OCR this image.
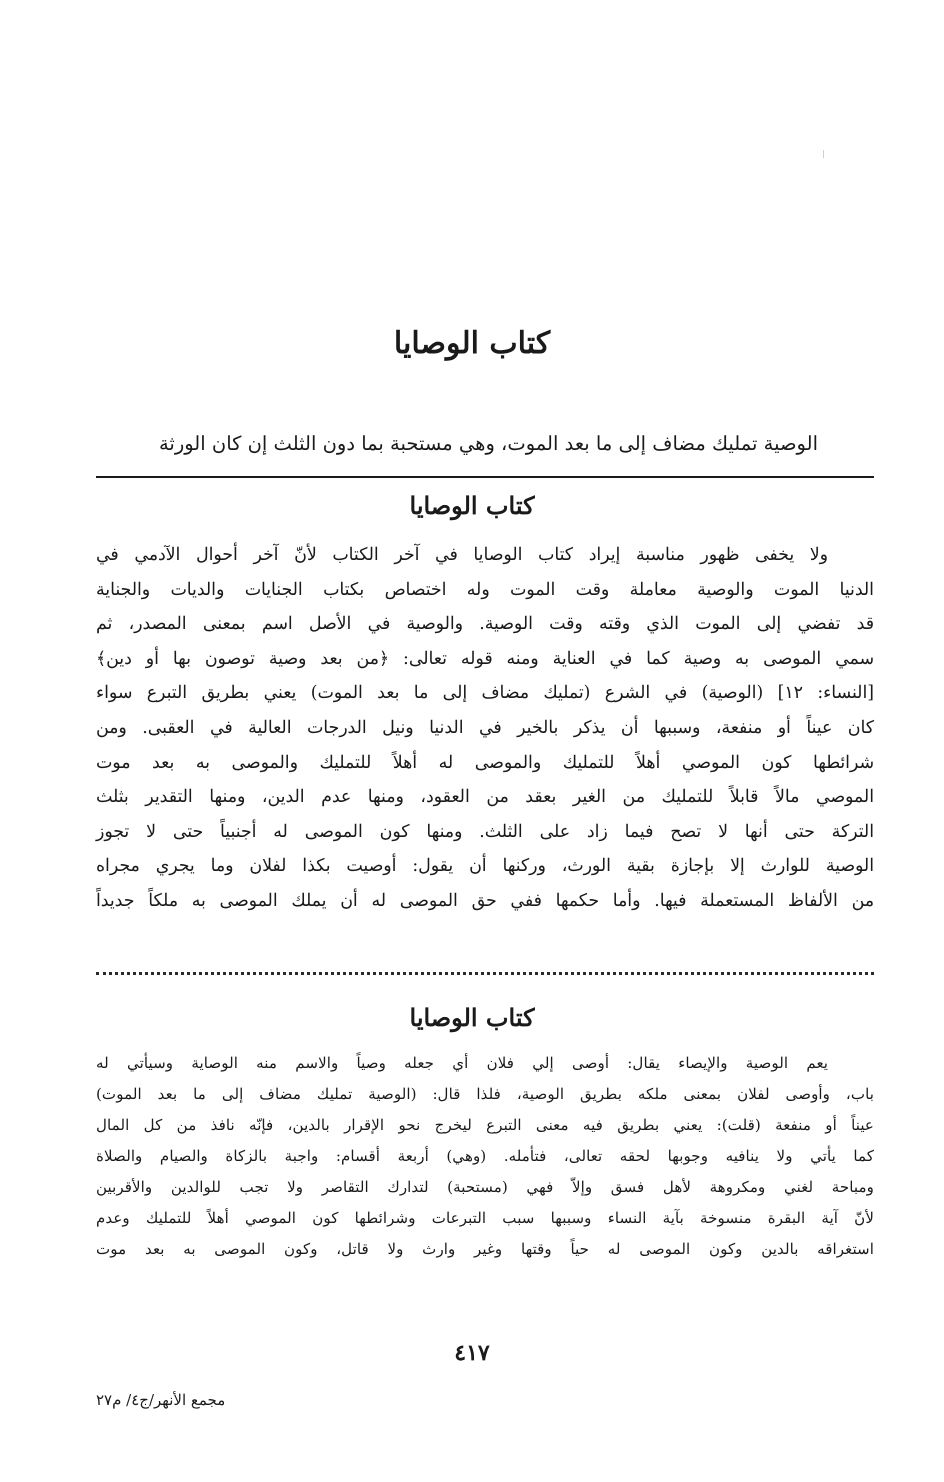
كتاب الوصايا

الوصية تمليك مضاف إلى ما بعد الموت، وهي مستحبة بما دون الثلث إن كان الورثة

كتاب الوصايا
ولا يخفى ظهور مناسبة إيراد كتاب الوصايا في آخر الكتاب لأنّ آخر أحوال الآدمي في
الدنيا الموت والوصية معاملة وقت الموت وله اختصاص بكتاب الجنايات والديات والجناية
قد تفضي إلى الموت الذي وقته وقت الوصية. والوصية في الأصل اسم بمعنى المصدر، ثم
سمي الموصى به وصية كما في العناية ومنه قوله تعالى: ﴿من بعد وصية توصون بها أو دين﴾
[النساء: ١٢] (الوصية) في الشرع (تمليك مضاف إلى ما بعد الموت) يعني بطريق التبرع سواء
كان عيناً أو منفعة، وسببها أن يذكر بالخير في الدنيا ونيل الدرجات العالية في العقبى. ومن
شرائطها كون الموصي أهلاً للتمليك والموصى له أهلاً للتمليك والموصى به بعد موت
الموصي مالاً قابلاً للتمليك من الغير بعقد من العقود، ومنها عدم الدين، ومنها التقدير بثلث
التركة حتى أنها لا تصح فيما زاد على الثلث. ومنها كون الموصى له أجنبياً حتى لا تجوز
الوصية للوارث إلا بإجازة بقية الورث، وركنها أن يقول: أوصيت بكذا لفلان وما يجري مجراه
من الألفاظ المستعملة فيها. وأما حكمها ففي حق الموصى له أن يملك الموصى به ملكاً جديداً
كتاب الوصايا
يعم الوصية والإيصاء يقال: أوصى إلي فلان أي جعله وصياً والاسم منه الوصاية وسيأتي له
باب، وأوصى لفلان بمعنى ملكه بطريق الوصية، فلذا قال: (الوصية تمليك مضاف إلى ما بعد الموت)
عيناً أو منفعة (قلت): يعني بطريق فيه معنى التبرع ليخرج نحو الإقرار بالدين، فإنّه نافذ من كل المال
كما يأتي ولا ينافيه وجوبها لحقه تعالى، فتأمله. (وهي) أربعة أقسام: واجبة بالزكاة والصيام والصلاة
ومباحة لغني ومكروهة لأهل فسق وإلاّ فهي (مستحبة) لتدارك التقاصر ولا تجب للوالدين والأقربين
لأنّ آية البقرة منسوخة بآية النساء وسببها سبب التبرعات وشرائطها كون الموصي أهلاً للتمليك وعدم
استغراقه بالدين وكون الموصى له حياً وقتها وغير وارث ولا قاتل، وكون الموصى به بعد موت
٤١٧
مجمع الأنهر/ج٤/ م٢٧
